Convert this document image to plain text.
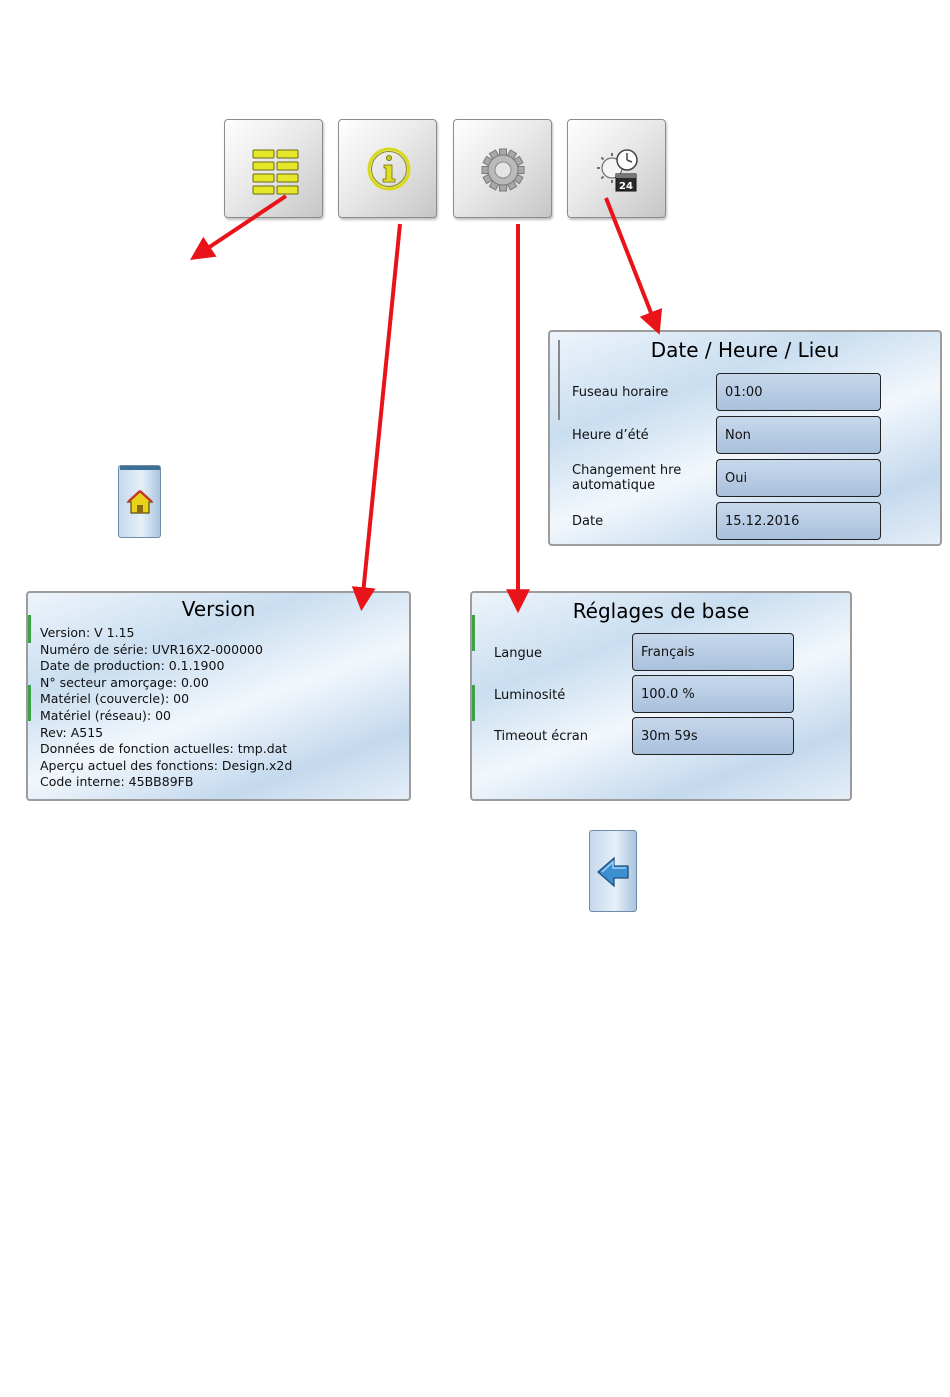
24
Date / Heure / Lieu
Fuseau horaire	01:00
Heure d’été	Non
Changement hre automatique	Oui
Date	15.12.2016
Version
Version: V 1.15
Numéro de série: UVR16X2-000000
Date de production: 0.1.1900
N° secteur amorçage: 0.00
Matériel (couvercle): 00
Matériel (réseau): 00
Rev: A515
Données de fonction actuelles: tmp.dat
Aperçu actuel des fonctions: Design.x2d
Code interne: 45BB89FB
Réglages de base
Langue	Français
Luminosité	100.0 %
Timeout écran	30m 59s
